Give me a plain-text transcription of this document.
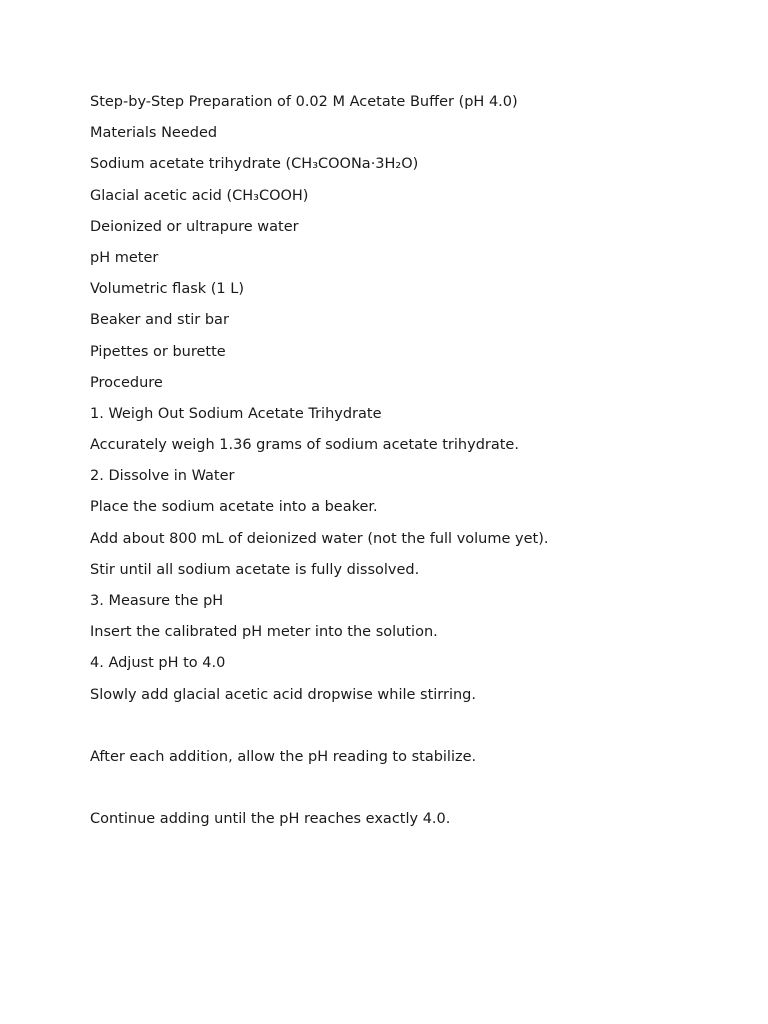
Step-by-Step Preparation of 0.02 M Acetate Buffer (pH 4.0)
Materials Needed
Sodium acetate trihydrate (CH₃COONa·3H₂O)
Glacial acetic acid (CH₃COOH)
Deionized or ultrapure water
pH meter
Volumetric flask (1 L)
Beaker and stir bar
Pipettes or burette
Procedure
1. Weigh Out Sodium Acetate Trihydrate
Accurately weigh 1.36 grams of sodium acetate trihydrate.
2. Dissolve in Water
Place the sodium acetate into a beaker.
Add about 800 mL of deionized water (not the full volume yet).
Stir until all sodium acetate is fully dissolved.
3. Measure the pH
Insert the calibrated pH meter into the solution.
4. Adjust pH to 4.0
Slowly add glacial acetic acid dropwise while stirring.
After each addition, allow the pH reading to stabilize.
Continue adding until the pH reaches exactly 4.0.
